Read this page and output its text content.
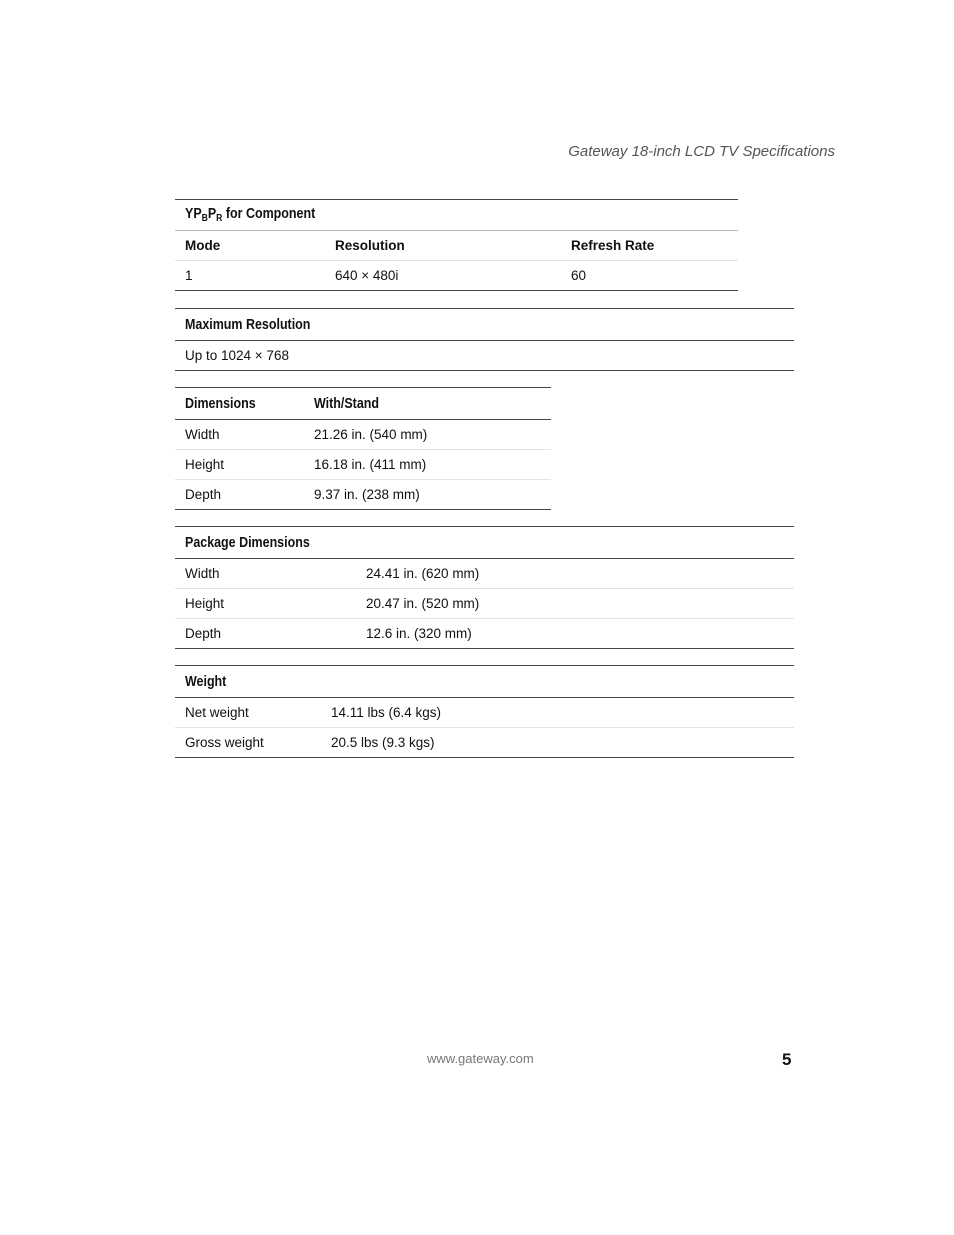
Gateway 18-inch LCD TV Specifications
$YP_BP_R$ for Component		
Mode	Resolution	Refresh Rate
1	640 × 480i	60
Maximum Resolution
Up to 1024 × 768
Dimensions	With/Stand
Width	21.26 in. (540 mm)
Height	16.18 in. (411 mm)
Depth	9.37 in. (238 mm)
Package Dimensions	
Width	24.41 in. (620 mm)
Height	20.47 in. (520 mm)
Depth	12.6 in. (320 mm)
Weight	
Net weight	14.11 lbs (6.4 kgs)
Gross weight	20.5 lbs (9.3 kgs)
www.gateway.com	5
